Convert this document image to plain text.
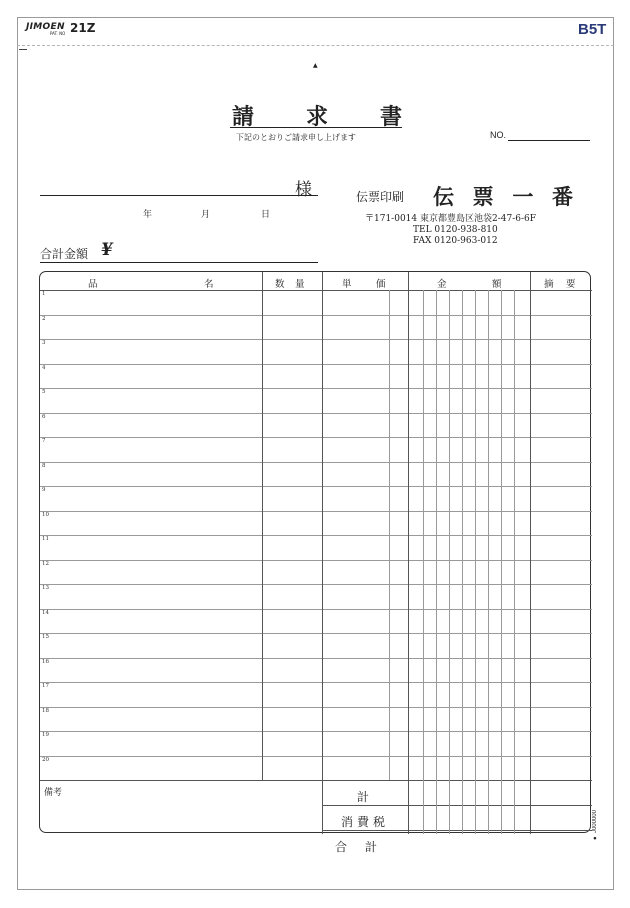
JIMOEN
PAT. NO 21Z	B5T
▲
請 求 書
下記のとおりご請求申し上げます	NO.
様
年	月	日
伝票印刷 伝 票 一 番
〒171-0014 東京都豊島区池袋2-47-6-6F
TEL 0120-938-810
FAX 0120-963-012
合計金額 ¥
品	名	数 量	単	価	金	額	摘 要
1
2
3
4
5
6
7
8
9
10
11
12
13
14
15
16
17
18
19
20
備考	計
消費税
合計
● J000000
